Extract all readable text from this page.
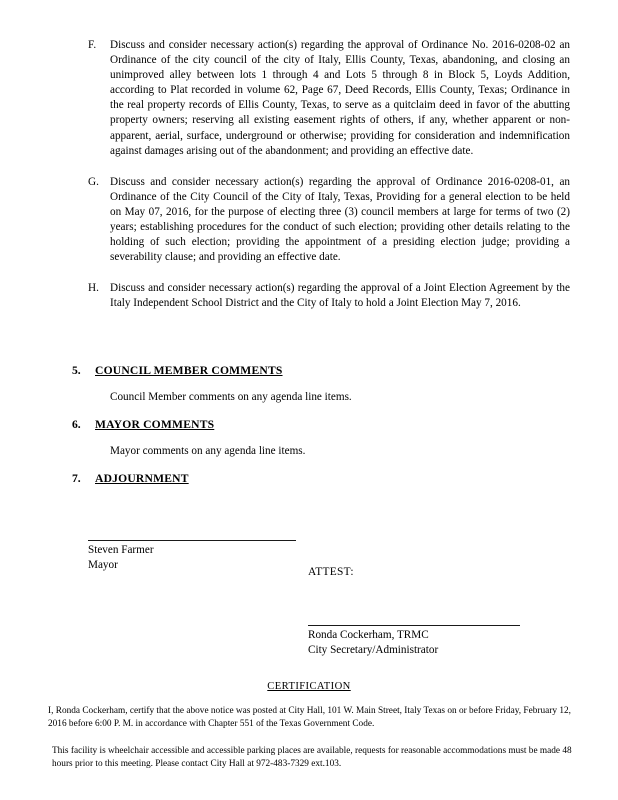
F.	Discuss and consider necessary action(s) regarding the approval of Ordinance No. 2016-0208-02 an Ordinance of the city council of the city of Italy, Ellis County, Texas, abandoning, and closing an unimproved alley between lots 1 through 4 and Lots 5 through 8 in Block 5, Loyds Addition, according to Plat recorded in volume 62, Page 67, Deed Records, Ellis County, Texas; Ordinance in the real property records of Ellis County, Texas, to serve as a quitclaim deed in favor of the abutting property owners; reserving all existing easement rights of others, if any, whether apparent or non-apparent, aerial, surface, underground or otherwise; providing for consideration and indemnification against damages arising out of the abandonment; and providing an effective date.
G. Discuss and consider necessary action(s) regarding the approval of Ordinance 2016-0208-01, an Ordinance of the City Council of the City of Italy, Texas, Providing for a general election to be held on May 07, 2016, for the purpose of electing three (3) council members at large for terms of two (2) years; establishing procedures for the conduct of such election; providing other details relating to the holding of such election; providing the appointment of a presiding election judge; providing a severability clause; and providing an effective date.
H. Discuss and consider necessary action(s) regarding the approval of a Joint Election Agreement by the Italy Independent School District and the City of Italy to hold a Joint Election May 7, 2016.
5.	COUNCIL MEMBER COMMENTS
Council Member comments on any agenda line items.
6.	MAYOR COMMENTS
Mayor comments on any agenda line items.
7.	ADJOURNMENT
Steven Farmer
Mayor
ATTEST:
Ronda Cockerham, TRMC
City Secretary/Administrator
CERTIFICATION
I, Ronda Cockerham, certify that the above notice was posted at City Hall, 101 W. Main Street, Italy Texas on or before Friday, February 12, 2016 before 6:00 P. M. in accordance with Chapter 551 of the Texas Government Code.
This facility is wheelchair accessible and accessible parking places are available, requests for reasonable accommodations must be made 48 hours prior to this meeting. Please contact City Hall at 972-483-7329 ext.103.
